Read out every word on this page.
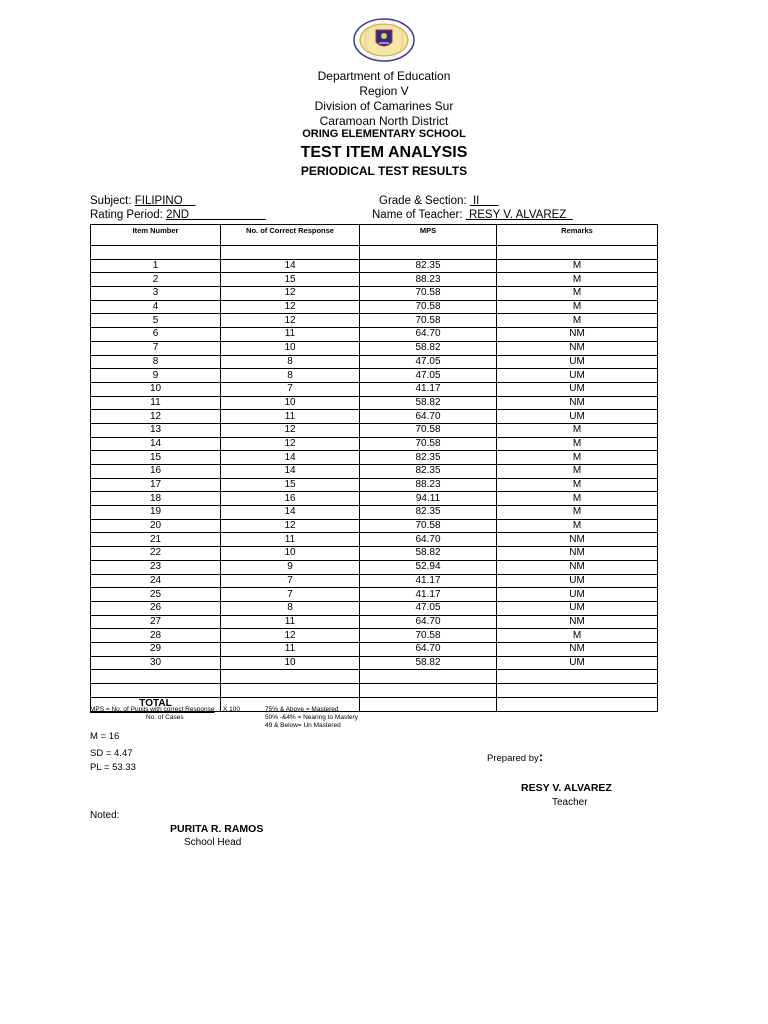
Department of Education
Region V
Division of Camarines Sur
Caramoan North District
ORING ELEMENTARY SCHOOL
TEST ITEM ANALYSIS
PERIODICAL TEST RESULTS
Subject: FILIPINO	Grade & Section:  II
Rating Period: 2ND	Name of Teacher:  RESY V. ALVAREZ
Item Number	No. of Correct Response	MPS	Remarks

1	14	82.35	M
2	15	88.23	M
3	12	70.58	M
4	12	70.58	M
5	12	70.58	M
6	11	64.70	NM
7	10	58.82	NM
8	8	47.05	UM
9	8	47.05	UM
10	7	41.17	UM
11	10	58.82	NM
12	11	64.70	UM
13	12	70.58	M
14	12	70.58	M
15	14	82.35	M
16	14	82.35	M
17	15	88.23	M
18	16	94.11	M
19	14	82.35	M
20	12	70.58	M
21	11	64.70	NM
22	10	58.82	NM
23	9	52.94	NM
24	7	41.17	UM
25	7	41.17	UM
26	8	47.05	UM
27	11	64.70	NM
28	12	70.58	M
29	11	64.70	NM
30	10	58.82	UM

TOTAL			
MPS = No. of Pupils with correct Response X 100
No. of Cases
75% & Above = Mastered
50% -&4% = Nearing to Mastery
49 & Below= Un Mastered
M = 16
SD = 4.47
PL = 53.33
Prepared by:
RESY V. ALVAREZ
Teacher
Noted:
PURITA R. RAMOS
School Head
